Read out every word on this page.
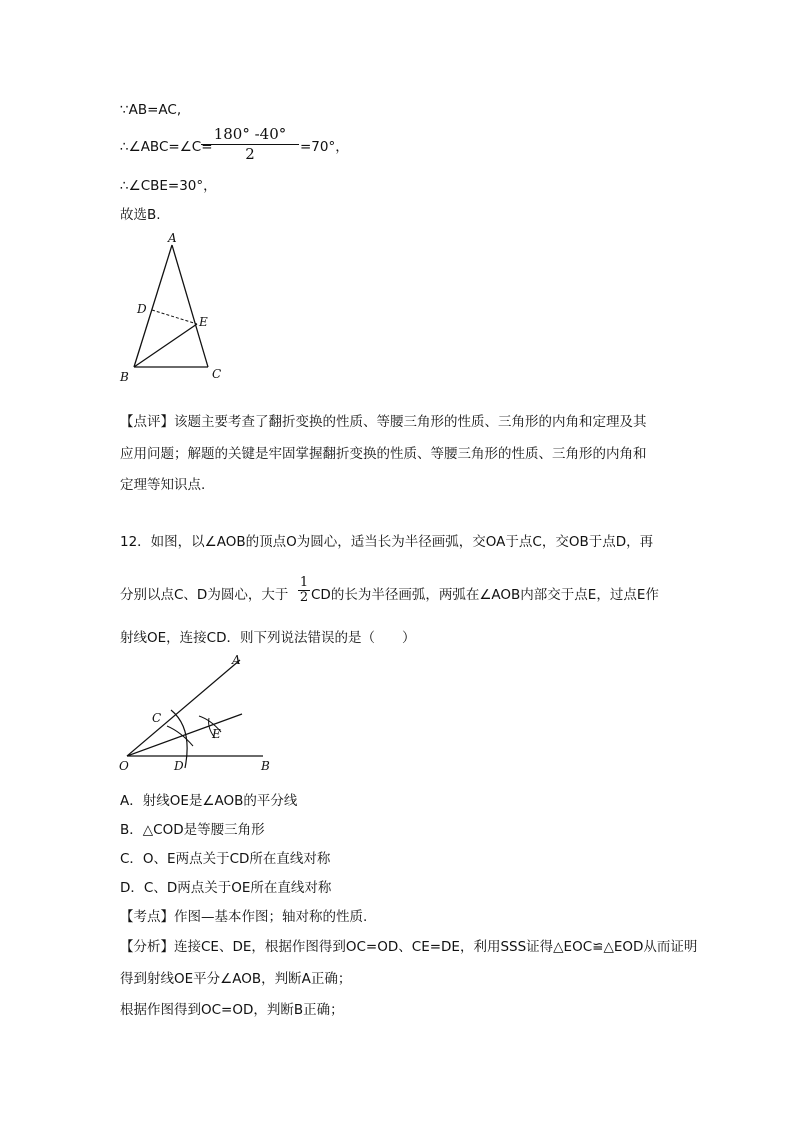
∵AB=AC,
∴∠ABC=∠C=
180° -40°
2	=70°，
∴∠CBE=30°，
故选B.
A
D
E
B	C
【点评】该题主要考查了翻折变换的性质、等腰三角形的性质、三角形的内角和定理及其
应用问题；解题的关键是牢固掌握翻折变换的性质、等腰三角形的性质、三角形的内角和
定理等知识点.
12．如图，以∠AOB的顶点O为圆心，适当长为半径画弧，交OA于点C，交OB于点D，再
分别以点C、D为圆心，大于
1
2 CD的长为半径画弧，两弧在∠AOB内部交于点E，过点E作
射线OE，连接CD．则下列说法错误的是（　　）
C
A
E
O	D	B
A．射线OE是∠AOB的平分线
B．△COD是等腰三角形
C．O、E两点关于CD所在直线对称
D．C、D两点关于OE所在直线对称
【考点】作图—基本作图；轴对称的性质.
【分析】连接CE、DE，根据作图得到OC=OD、CE=DE，利用SSS证得△EOC≌△EOD从而证明
得到射线OE平分∠AOB，判断A正确；
根据作图得到OC=OD，判断B正确；
